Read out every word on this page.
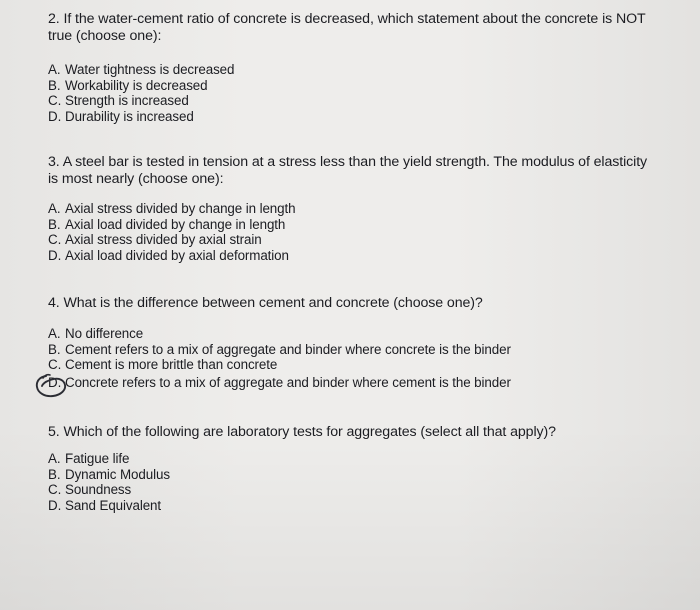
2. If the water-cement ratio of concrete is decreased, which statement about the concrete is NOT true (choose one):

A. Water tightness is decreased
B. Workability is decreased
C. Strength is increased
D. Durability is increased

3. A steel bar is tested in tension at a stress less than the yield strength. The modulus of elasticity is most nearly (choose one):

A. Axial stress divided by change in length
B. Axial load divided by change in length
C. Axial stress divided by axial strain
D. Axial load divided by axial deformation

4. What is the difference between cement and concrete (choose one)?

A. No difference
B. Cement refers to a mix of aggregate and binder where concrete is the binder
C. Cement is more brittle than concrete
D. Concrete refers to a mix of aggregate and binder where cement is the binder

5. Which of the following are laboratory tests for aggregates (select all that apply)?

A. Fatigue life
B. Dynamic Modulus
C. Soundness
D. Sand Equivalent
